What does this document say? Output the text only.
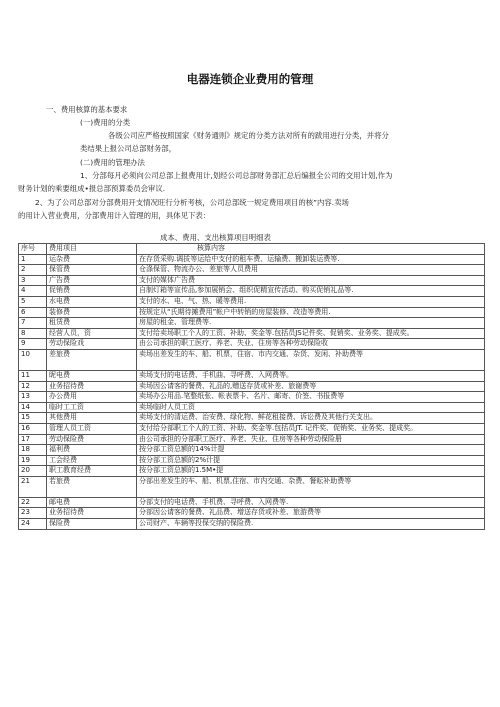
电器连锁企业费用的管理
一、费用核算的基本要求
(一)费用的分类
各级公司应严格按照国家《财务通则》规定的分类方法对所有的跋用进行分类，并将分
类结果上报公司总部财务部，
(二)费用的管理办法
1、分部每月必须向公司总部上报费用计,划经公司总部财务部汇总后编报全公司的交用计划,作为
财务计划的乘要组成•报总部预算委员会审议.
2、为了公司总部对分部费用开支情况旺行分析考核，公司总部统一规定费用项目的核”内容.卖场
的用计入营业费用，分部费用计入管理的用，具体见下表：
成本、费用、支出核算项目明细表
序号	费用项目	核算内容
1	运杂费	在存货采购.调拔等运给中支付的租车费、运输费、搬卸装运费等.
2	保管费	仓涤保管、物流办公、差旅等人员费用
3	广告费	支付的媒体广告费
4	促销费	自制灯箱等宣传品,参加展销会、组织促精宣传活动、购买促销礼品等.
5	水电费	支付的水、电、气、热、暖等费用.
6	装修费	按规定从“氏期待摊费用”帐户中转销的房屋装修、改造等费用.
7	租赁费	房屋的租金、管理费等.
8	经营人员，资	支付给卖场职工个人的工资、补助、奖金等.包括员JS记件奖、促销奖、业务奖、提成奖。
9	劳动保险戏	由公司承担的职工医疗、养老、失业、住房等各种劳动保险收
10	差旅费	卖场出差发生的车、船、机票，住宿、市内交通、杂货、发闲、补助费等
11	昵电费	卖场支付的电话费、手机曲、寻呼费、入网费等。
12	业务招待费	卖场因公请客的餐费、礼品的,赠送存货或补差、旅谢费等
13	办公费用	卖场办公用品.笔整纸张、帐表票卡、名片、邮寄、价签、书报费等
14	临时工工资	卖场临时人员工资
15	其他费用	卖场支付的清运费、治安费、绿化物、鲜花租接费、诉讼费及其他行关支出。
16	管理人员工资	支付给分部职工个人的工资、补助、奖金等.包括员JT. 记件奖、促销奖、业务奖、提成奖。
17	劳动保险费	由公司承担的分部职工医疗、养老、失业、住房等各种劳动保险册
18	福利费	按分部工资总额的14%计提
19	工会经费	按分部工资总额的2%计提
20	职工教育经费	按分部工资总额的1.5M•提
21	若旅费	分部出差发生的车、船、机票,住宿、市内交通、杂费、餐耘补助费等
22	邮电费	分部支付的电话费、手机费、寻呼费、入网费等.
23	业务招待费	分部因公请客的餐费、礼品费、增送存货或补差、旅游费等
24	保险费	公司财产、车辆等投保交纳的保险费.
